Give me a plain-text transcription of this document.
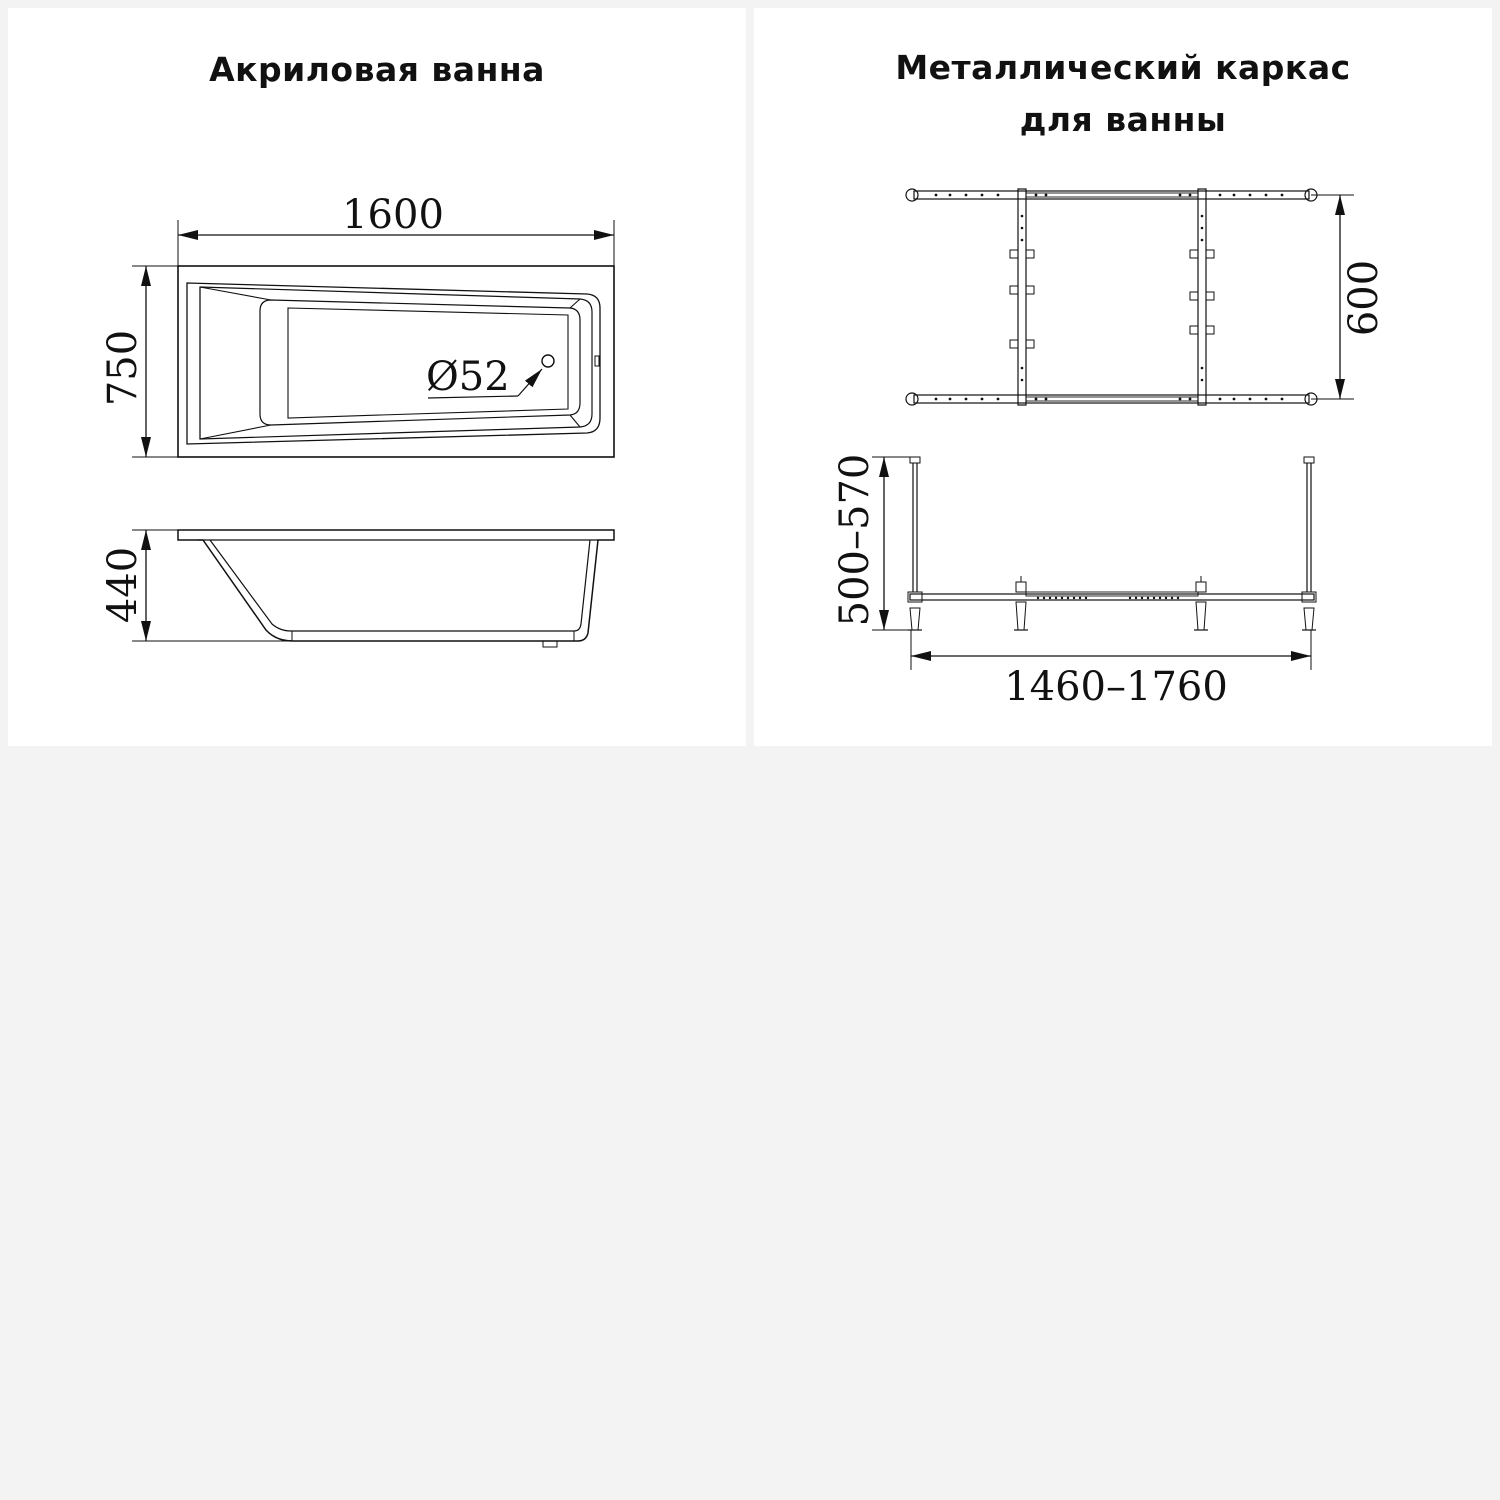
Акриловая ванна
Ø52
1600
750
440
Металлический каркас
для ванны
600
500–570
1460–1760
